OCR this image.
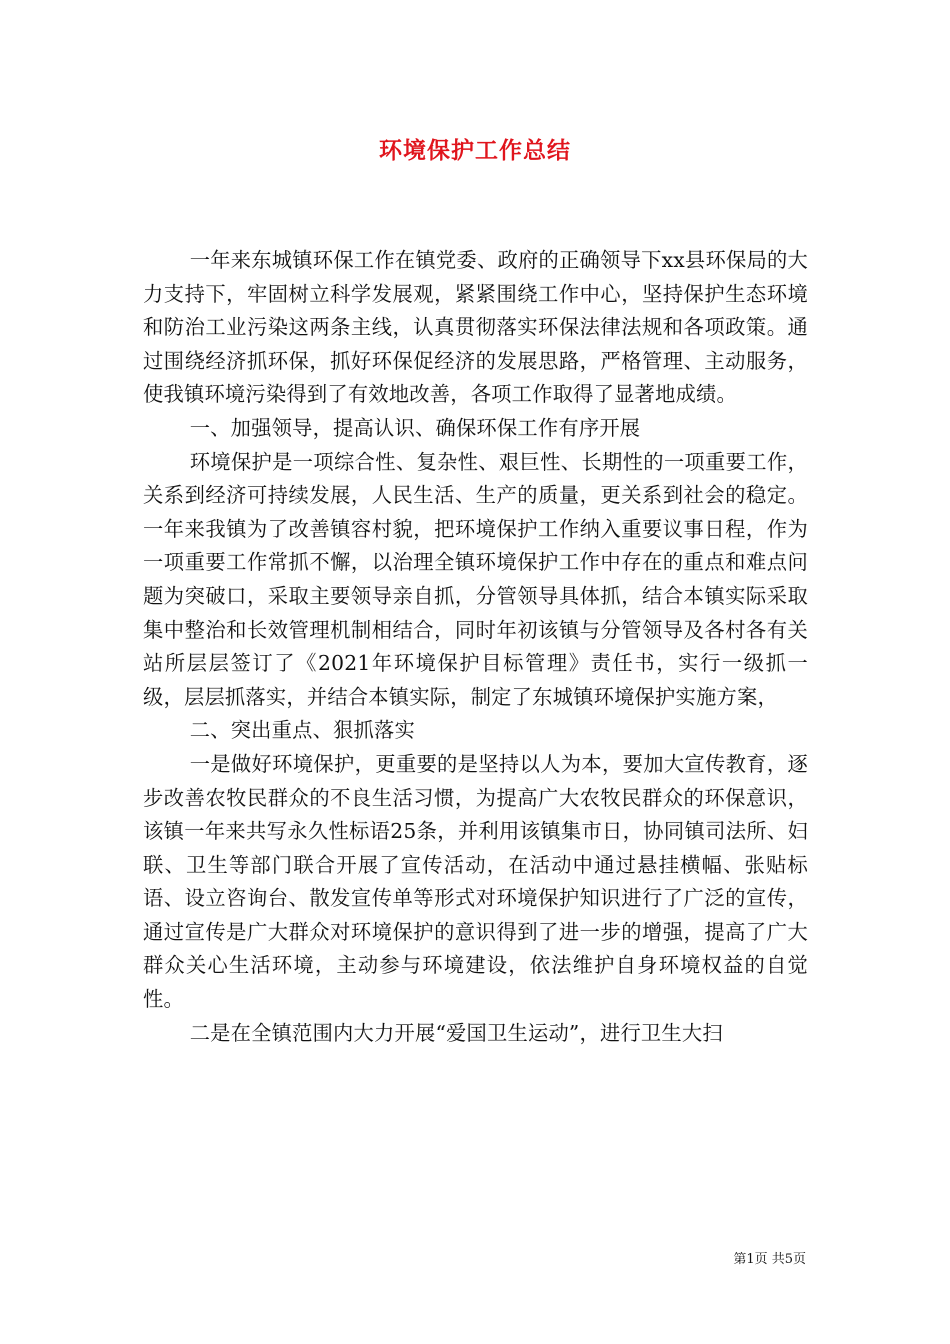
环境保护工作总结

一年来东城镇环保工作在镇党委、政府的正确领导下xx县环保局的大力支持下，牢固树立科学发展观，紧紧围绕工作中心，坚持保护生态环境和防治工业污染这两条主线，认真贯彻落实环保法律法规和各项政策。通过围绕经济抓环保，抓好环保促经济的发展思路，严格管理、主动服务，使我镇环境污染得到了有效地改善，各项工作取得了显著地成绩。

一、加强领导，提高认识、确保环保工作有序开展

环境保护是一项综合性、复杂性、艰巨性、长期性的一项重要工作，关系到经济可持续发展，人民生活、生产的质量，更关系到社会的稳定。一年来我镇为了改善镇容村貌，把环境保护工作纳入重要议事日程，作为一项重要工作常抓不懈，以治理全镇环境保护工作中存在的重点和难点问题为突破口，采取主要领导亲自抓，分管领导具体抓，结合本镇实际采取集中整治和长效管理机制相结合，同时年初该镇与分管领导及各村各有关站所层层签订了《2021年环境保护目标管理》责任书，实行一级抓一级，层层抓落实，并结合本镇实际，制定了东城镇环境保护实施方案，

二、突出重点、狠抓落实

一是做好环境保护，更重要的是坚持以人为本，要加大宣传教育，逐步改善农牧民群众的不良生活习惯，为提高广大农牧民群众的环保意识，该镇一年来共写永久性标语25条，并利用该镇集市日，协同镇司法所、妇联、卫生等部门联合开展了宣传活动，在活动中通过悬挂横幅、张贴标语、设立咨询台、散发宣传单等形式对环境保护知识进行了广泛的宣传，通过宣传是广大群众对环境保护的意识得到了进一步的增强，提高了广大群众关心生活环境，主动参与环境建设，依法维护自身环境权益的自觉性。

二是在全镇范围内大力开展“爱国卫生运动”，进行卫生大扫

第1页 共5页
